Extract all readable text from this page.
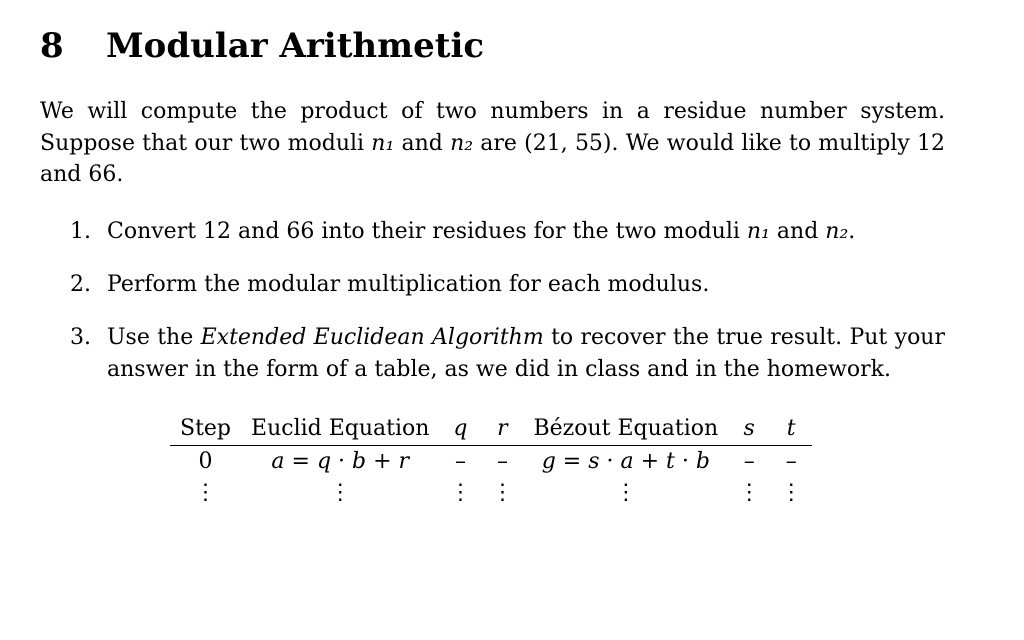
8 Modular Arithmetic
We will compute the product of two numbers in a residue number system. Suppose that our two moduli n₁ and n₂ are (21, 55). We would like to multiply 12 and 66.
1. Convert 12 and 66 into their residues for the two moduli n₁ and n₂.
2. Perform the modular multiplication for each modulus.
3. Use the Extended Euclidean Algorithm to recover the true result. Put your answer in the form of a table, as we did in class and in the homework.
Step	Euclid Equation	q	r	Bézout Equation	s	t
0	a = q · b + r	–	–	g = s · a + t · b	–	–
⋮	⋮	⋮	⋮	⋮	⋮	⋮
